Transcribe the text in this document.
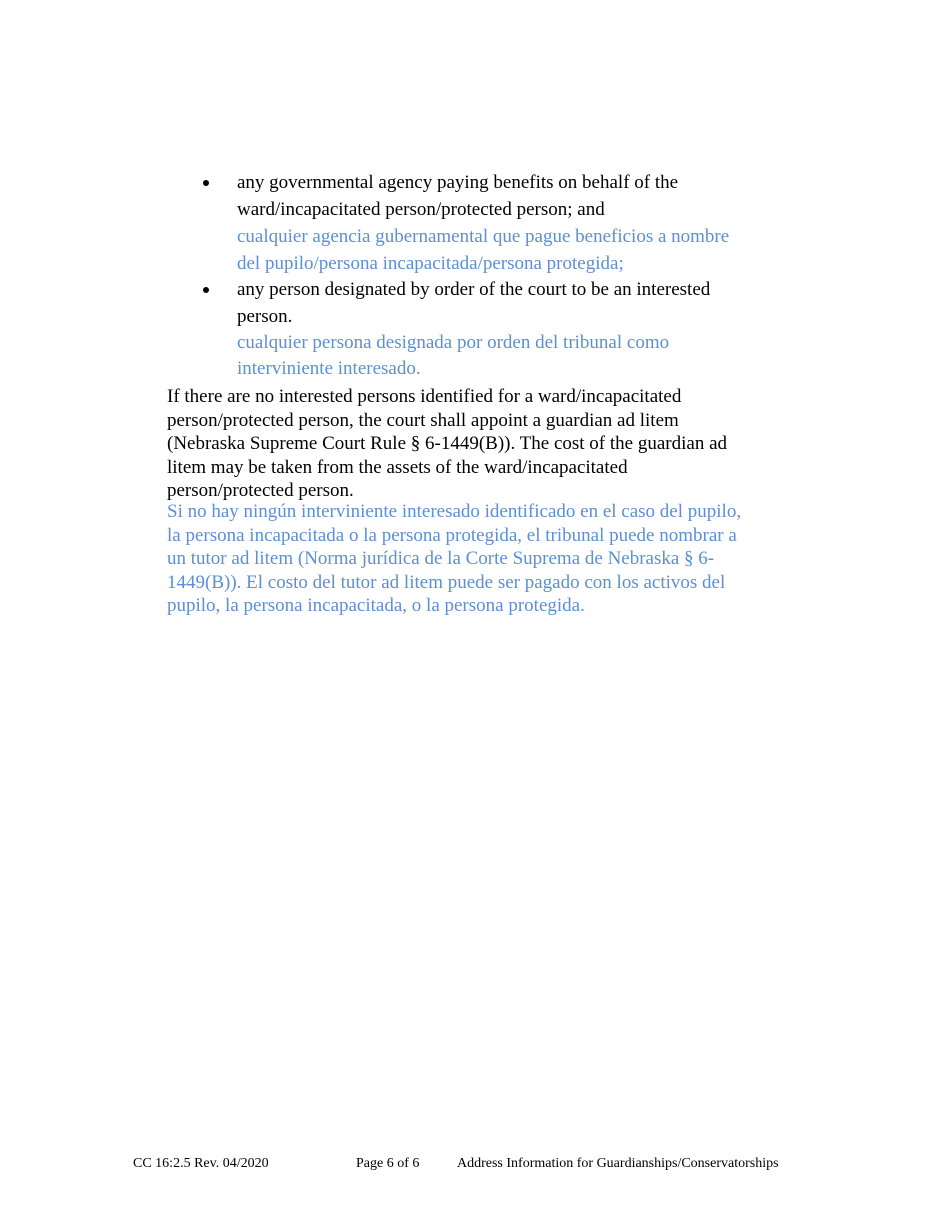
any governmental agency paying benefits on behalf of the
ward/incapacitated person/protected person; and
cualquier agencia gubernamental que pague beneficios a nombre
del pupilo/persona incapacitada/persona protegida;
any person designated by order of the court to be an interested
person.
cualquier persona designada por orden del tribunal como
interviniente interesado.
If there are no interested persons identified for a ward/incapacitated
person/protected person, the court shall appoint a guardian ad litem
(Nebraska Supreme Court Rule § 6-1449(B)). The cost of the guardian ad
litem may be taken from the assets of the ward/incapacitated
person/protected person.
Si no hay ningún interviniente interesado identificado en el caso del pupilo,
la persona incapacitada o la persona protegida, el tribunal puede nombrar a
un tutor ad litem (Norma jurídica de la Corte Suprema de Nebraska § 6-
1449(B)). El costo del tutor ad litem puede ser pagado con los activos del
pupilo, la persona incapacitada, o la persona protegida.
CC 16:2.5 Rev. 04/2020	Page 6 of 6	Address Information for Guardianships/Conservatorships
